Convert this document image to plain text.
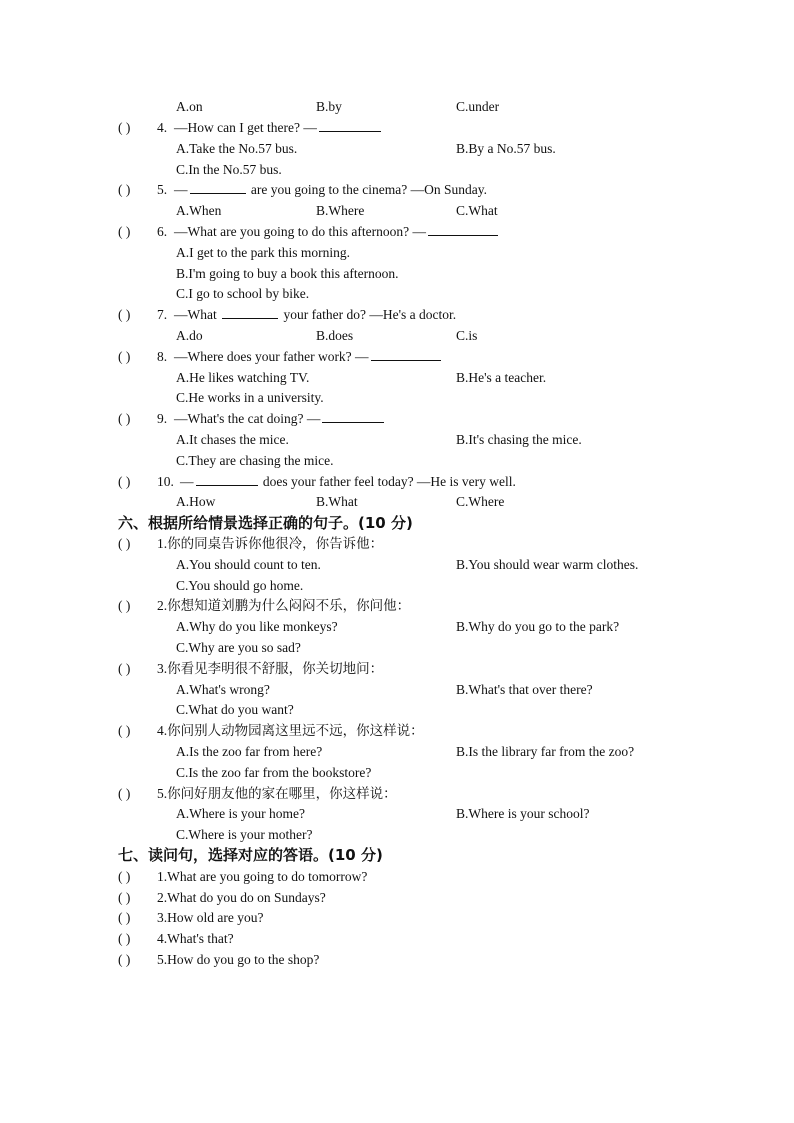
A.on	B.by	C.under
( ) 4. —How can I get there? —
A.Take the No.57 bus.	B.By a No.57 bus.
C.In the No.57 bus.
( ) 5. —	are you going to the cinema? —On Sunday.
A.When	B.Where	C.What
( ) 6. —What are you going to do this afternoon? —
A.I get to the park this morning.
B.I'm going to buy a book this afternoon.
C.I go to school by bike.
( ) 7. —What	your father do? —He's a doctor.
A.do	B.does	C.is
( ) 8. —Where does your father work? —
A.He likes watching TV.	B.He's a teacher.
C.He works in a university.
( ) 9. —What's the cat doing? —
A.It chases the mice.	B.It's chasing the mice.
C.They are chasing the mice.
( ) 10. —	does your father feel today? —He is very well.
A.How	B.What	C.Where
六、根据所给情景选择正确的句子。(10 分)
( ) 1.你的同桌告诉你他很冷，你告诉他：
A.You should count to ten.	B.You should wear warm clothes.
C.You should go home.
( ) 2.你想知道刘鹏为什么闷闷不乐，你问他：
A.Why do you like monkeys?	B.Why do you go to the park?
C.Why are you so sad?
( ) 3.你看见李明很不舒服，你关切地问：
A.What's wrong?	B.What's that over there?
C.What do you want?
( ) 4.你问别人动物园离这里远不远，你这样说：
A.Is the zoo far from here?	B.Is the library far from the zoo?
C.Is the zoo far from the bookstore?
( ) 5.你问好朋友他的家在哪里，你这样说：
A.Where is your home?	B.Where is your school?
C.Where is your mother?
七、读问句，选择对应的答语。(10 分)
( ) 1.What are you going to do tomorrow?
( ) 2.What do you do on Sundays?
( ) 3.How old are you?
( ) 4.What's that?
( ) 5.How do you go to the shop?
